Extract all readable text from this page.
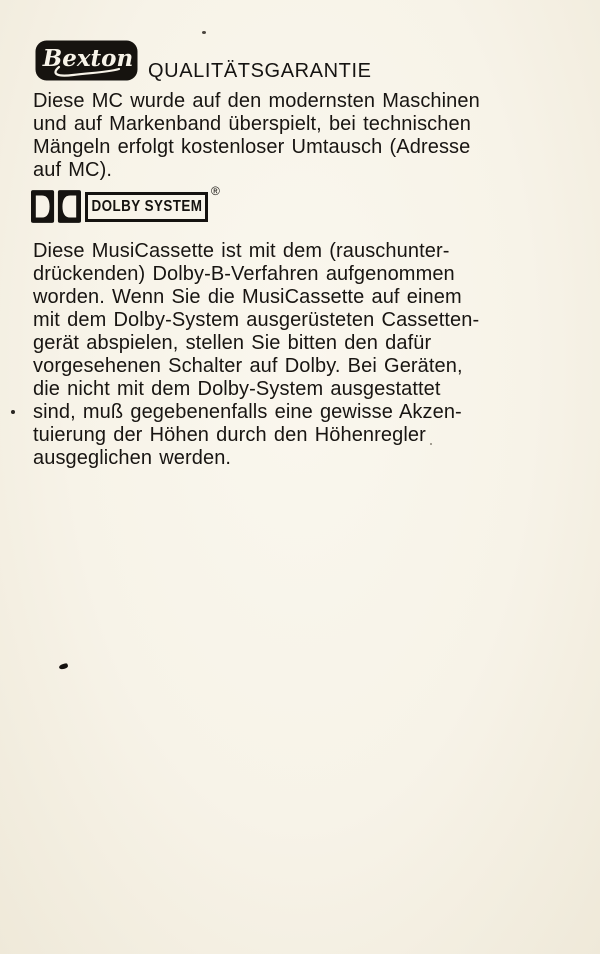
Bexton QUALITÄTSGARANTIE
Diese MC wurde auf den modernsten Maschinen
und auf Markenband überspielt, bei technischen
Mängeln erfolgt kostenloser Umtausch (Adresse
auf MC).
DOLBY SYSTEM
®
Diese MusiCassette ist mit dem (rauschunter-
drückenden) Dolby-B-Verfahren aufgenommen
worden. Wenn Sie die MusiCassette auf einem
mit dem Dolby-System ausgerüsteten Cassetten-
gerät abspielen, stellen Sie bitten den dafür
vorgesehenen Schalter auf Dolby. Bei Geräten,
die nicht mit dem Dolby-System ausgestattet
sind, muß gegebenenfalls eine gewisse Akzen-
tuierung der Höhen durch den Höhenregler
ausgeglichen werden.
